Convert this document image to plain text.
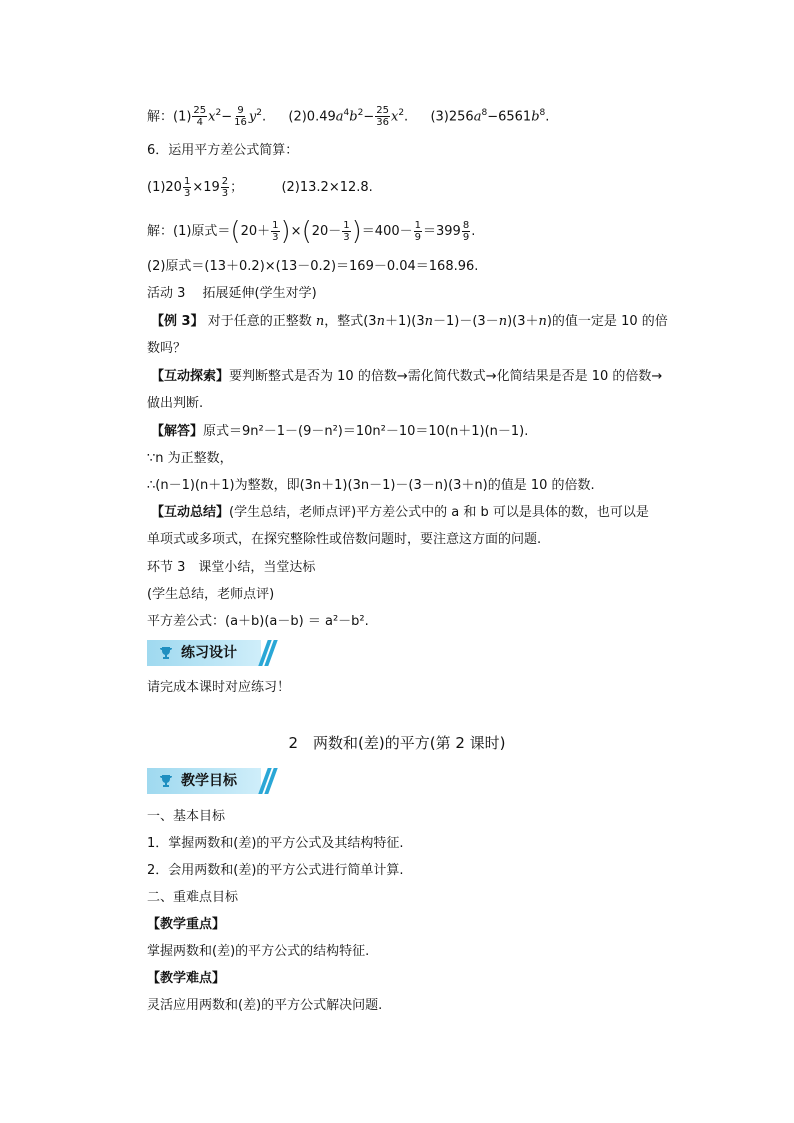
解：$(1) \frac{25}{4} x^2- \frac{9}{16} y^2$. $(2)0.49a^4b^2- \frac{25}{36} x^2$. $(3)256a^8-6561b^8$.
6．运用平方差公式简算：
$(1)20 \frac{1}{3} \times 19 \frac{2}{3}$ ；	(2)13.2×12.8.
解：(1)原式$=(20+ \frac{1}{3} )\times(20- \frac{1}{3} )=400- \frac{1}{9} =399 \frac{8}{9}$ .
(2)原式＝(13＋0.2)×(13－0.2)＝169－0.04＝168.96.
活动 3　 拓展延伸(学生对学)
【例 3】 对于任意的正整数 n，整式(3n＋1)(3n－1)－(3－n)(3＋n)的值一定是 10 的倍
数吗？
【互动探索】要判断整式是否为 10 的倍数→需化简代数式→化简结果是否是 10 的倍数→
做出判断.
【解答】原式＝9n²－1－(9－n²)＝10n²－10＝10(n＋1)(n－1).
∵n 为正整数，
∴(n－1)(n＋1)为整数，即(3n＋1)(3n－1)－(3－n)(3＋n)的值是 10 的倍数.
【互动总结】(学生总结，老师点评)平方差公式中的 a 和 b 可以是具体的数，也可以是
单项式或多项式，在探究整除性或倍数问题时，要注意这方面的问题.
环节 3　课堂小结，当堂达标
(学生总结，老师点评)
平方差公式：(a＋b)(a－b) ＝ a²－b².
练习设计
请完成本课时对应练习！
2　两数和(差)的平方(第 2 课时)
教学目标
一、基本目标
1．掌握两数和(差)的平方公式及其结构特征.
2．会用两数和(差)的平方公式进行简单计算.
二、重难点目标
【教学重点】
掌握两数和(差)的平方公式的结构特征.
【教学难点】
灵活应用两数和(差)的平方公式解决问题.
